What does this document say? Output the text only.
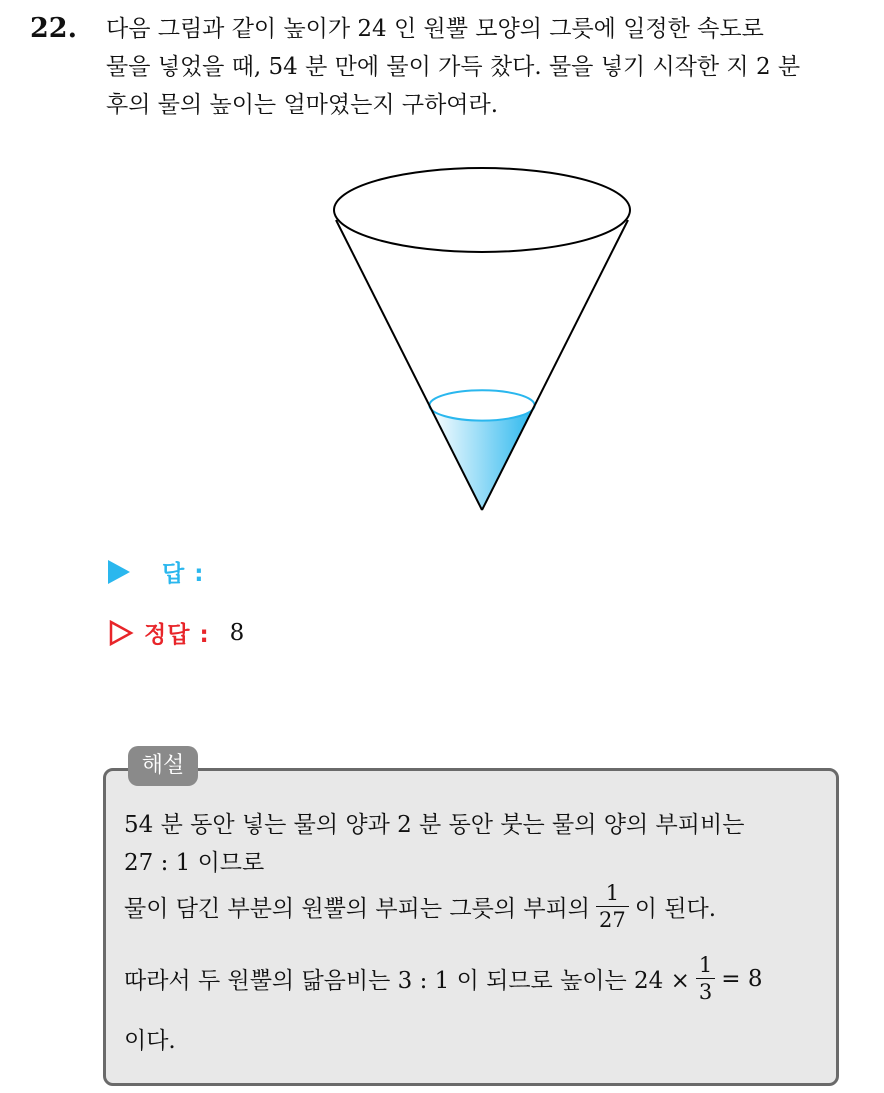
22. 다음 그림과 같이 높이가 24 인 원뿔 모양의 그릇에 일정한 속도로
물을 넣었을 때, 54 분 만에 물이 가득 찼다. 물을 넣기 시작한 지 2 분
후의 물의 높이는 얼마였는지 구하여라.
답 :
정답 : 8
해설
54 분 동안 넣는 물의 양과 2 분 동안 붓는 물의 양의 부피비는
27 : 1 이므로
물이 담긴 부분의 원뿔의 부피는 그릇의 부피의 $\frac{1}{27}$ 이 된다.
따라서 두 원뿔의 닮음비는 3 : 1 이 되므로 높이는 $24 \times \frac{1}{3} = 8$
이다.
